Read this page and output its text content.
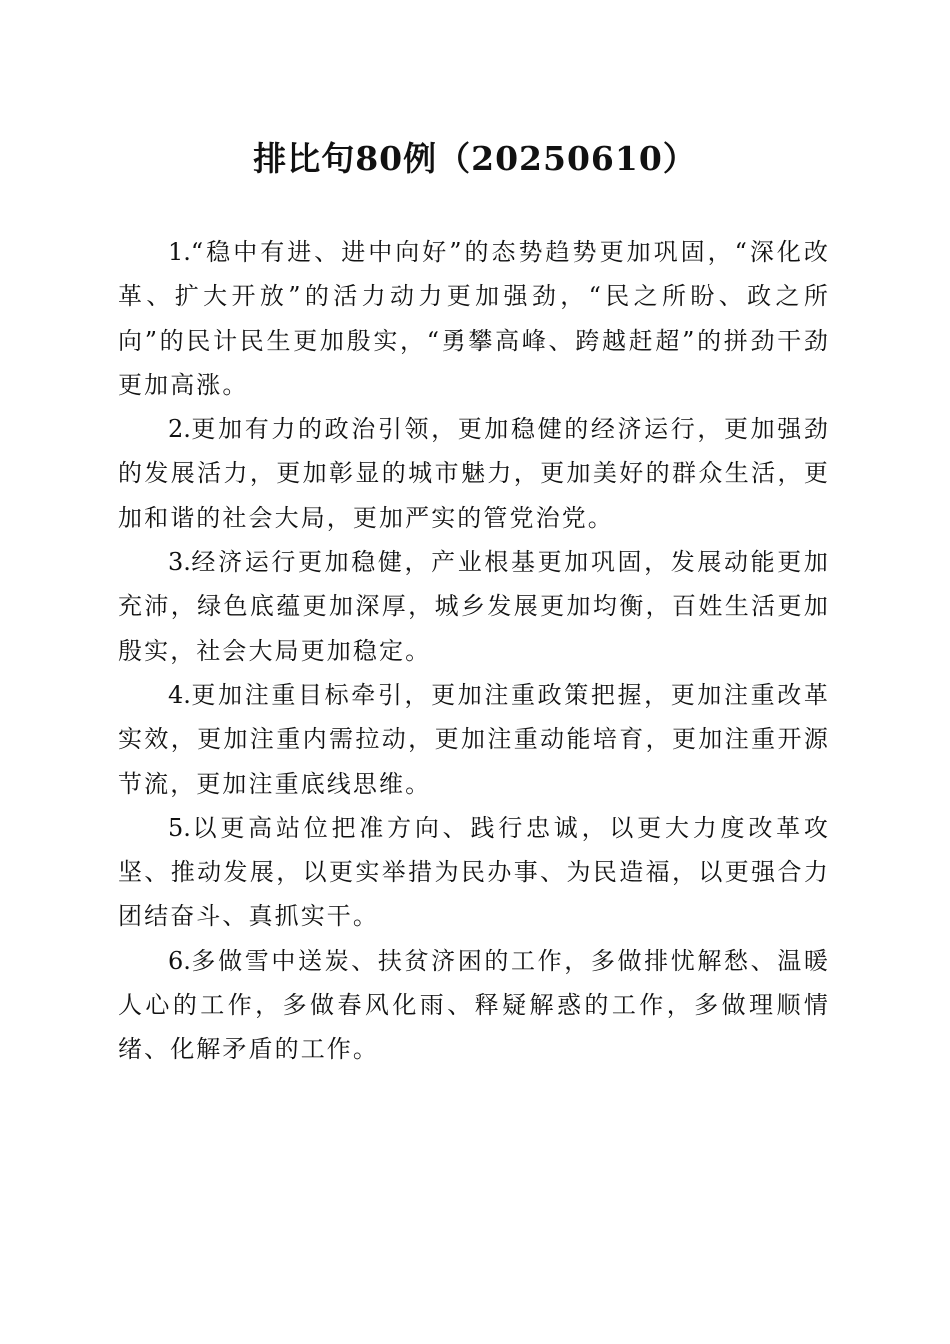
排比句80例（20250610）

1.“稳中有进、进中向好”的态势趋势更加巩固，“深化改革、扩大开放”的活力动力更加强劲，“民之所盼、政之所向”的民计民生更加殷实，“勇攀高峰、跨越赶超”的拼劲干劲更加高涨。

2.更加有力的政治引领，更加稳健的经济运行，更加强劲的发展活力，更加彰显的城市魅力，更加美好的群众生活，更加和谐的社会大局，更加严实的管党治党。

3.经济运行更加稳健，产业根基更加巩固，发展动能更加充沛，绿色底蕴更加深厚，城乡发展更加均衡，百姓生活更加殷实，社会大局更加稳定。

4.更加注重目标牵引，更加注重政策把握，更加注重改革实效，更加注重内需拉动，更加注重动能培育，更加注重开源节流，更加注重底线思维。

5.以更高站位把准方向、践行忠诚，以更大力度改革攻坚、推动发展，以更实举措为民办事、为民造福，以更强合力团结奋斗、真抓实干。

6.多做雪中送炭、扶贫济困的工作，多做排忧解愁、温暖人心的工作，多做春风化雨、释疑解惑的工作，多做理顺情绪、化解矛盾的工作。
